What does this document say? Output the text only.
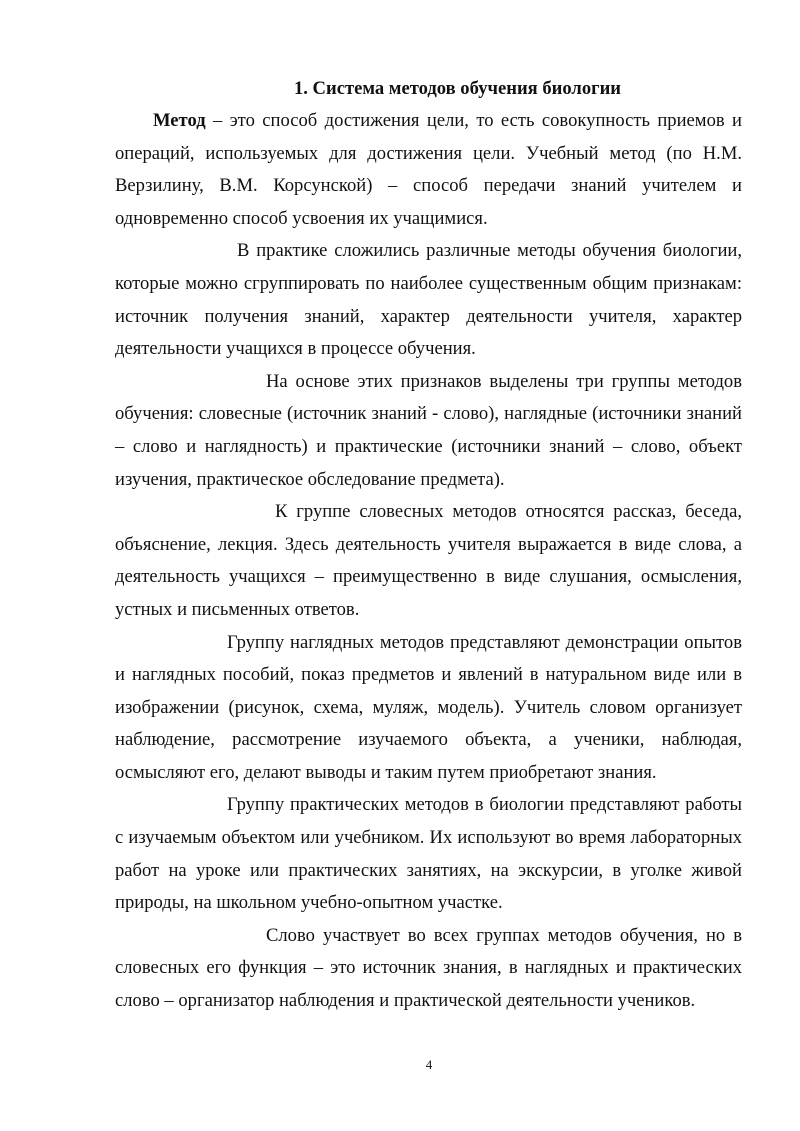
1. Система методов обучения биологии

Метод – это способ достижения цели, то есть совокупность приемов и операций, используемых для достижения цели. Учебный метод (по Н.М. Верзилину, В.М. Корсунской) – способ передачи знаний учителем и одновременно способ усвоения их учащимися.

В практике сложились различные методы обучения биологии, которые можно сгруппировать по наиболее существенным общим признакам: источник получения знаний, характер деятельности учителя, характер деятельности учащихся в процессе обучения.

На основе этих признаков выделены три группы методов обучения: словесные (источник знаний - слово), наглядные (источники знаний – слово и наглядность) и практические (источники знаний – слово, объект изучения, практическое обследование предмета).

К группе словесных методов относятся рассказ, беседа, объяснение, лекция. Здесь деятельность учителя выражается в виде слова, а деятельность учащихся – преимущественно в виде слушания, осмысления, устных и письменных ответов.

Группу наглядных методов представляют демонстрации опытов и наглядных пособий, показ предметов и явлений в натуральном виде или в изображении (рисунок, схема, муляж, модель). Учитель словом организует наблюдение, рассмотрение изучаемого объекта, а ученики, наблюдая, осмысляют его, делают выводы и таким путем приобретают знания.

Группу практических методов в биологии представляют работы с изучаемым объектом или учебником. Их используют во время лабораторных работ на уроке или практических занятиях, на экскурсии, в уголке живой природы, на школьном учебно-опытном участке.

Слово участвует во всех группах методов обучения, но в словесных его функция – это источник знания, в наглядных и практических слово – организатор наблюдения и практической деятельности учеников.

4
